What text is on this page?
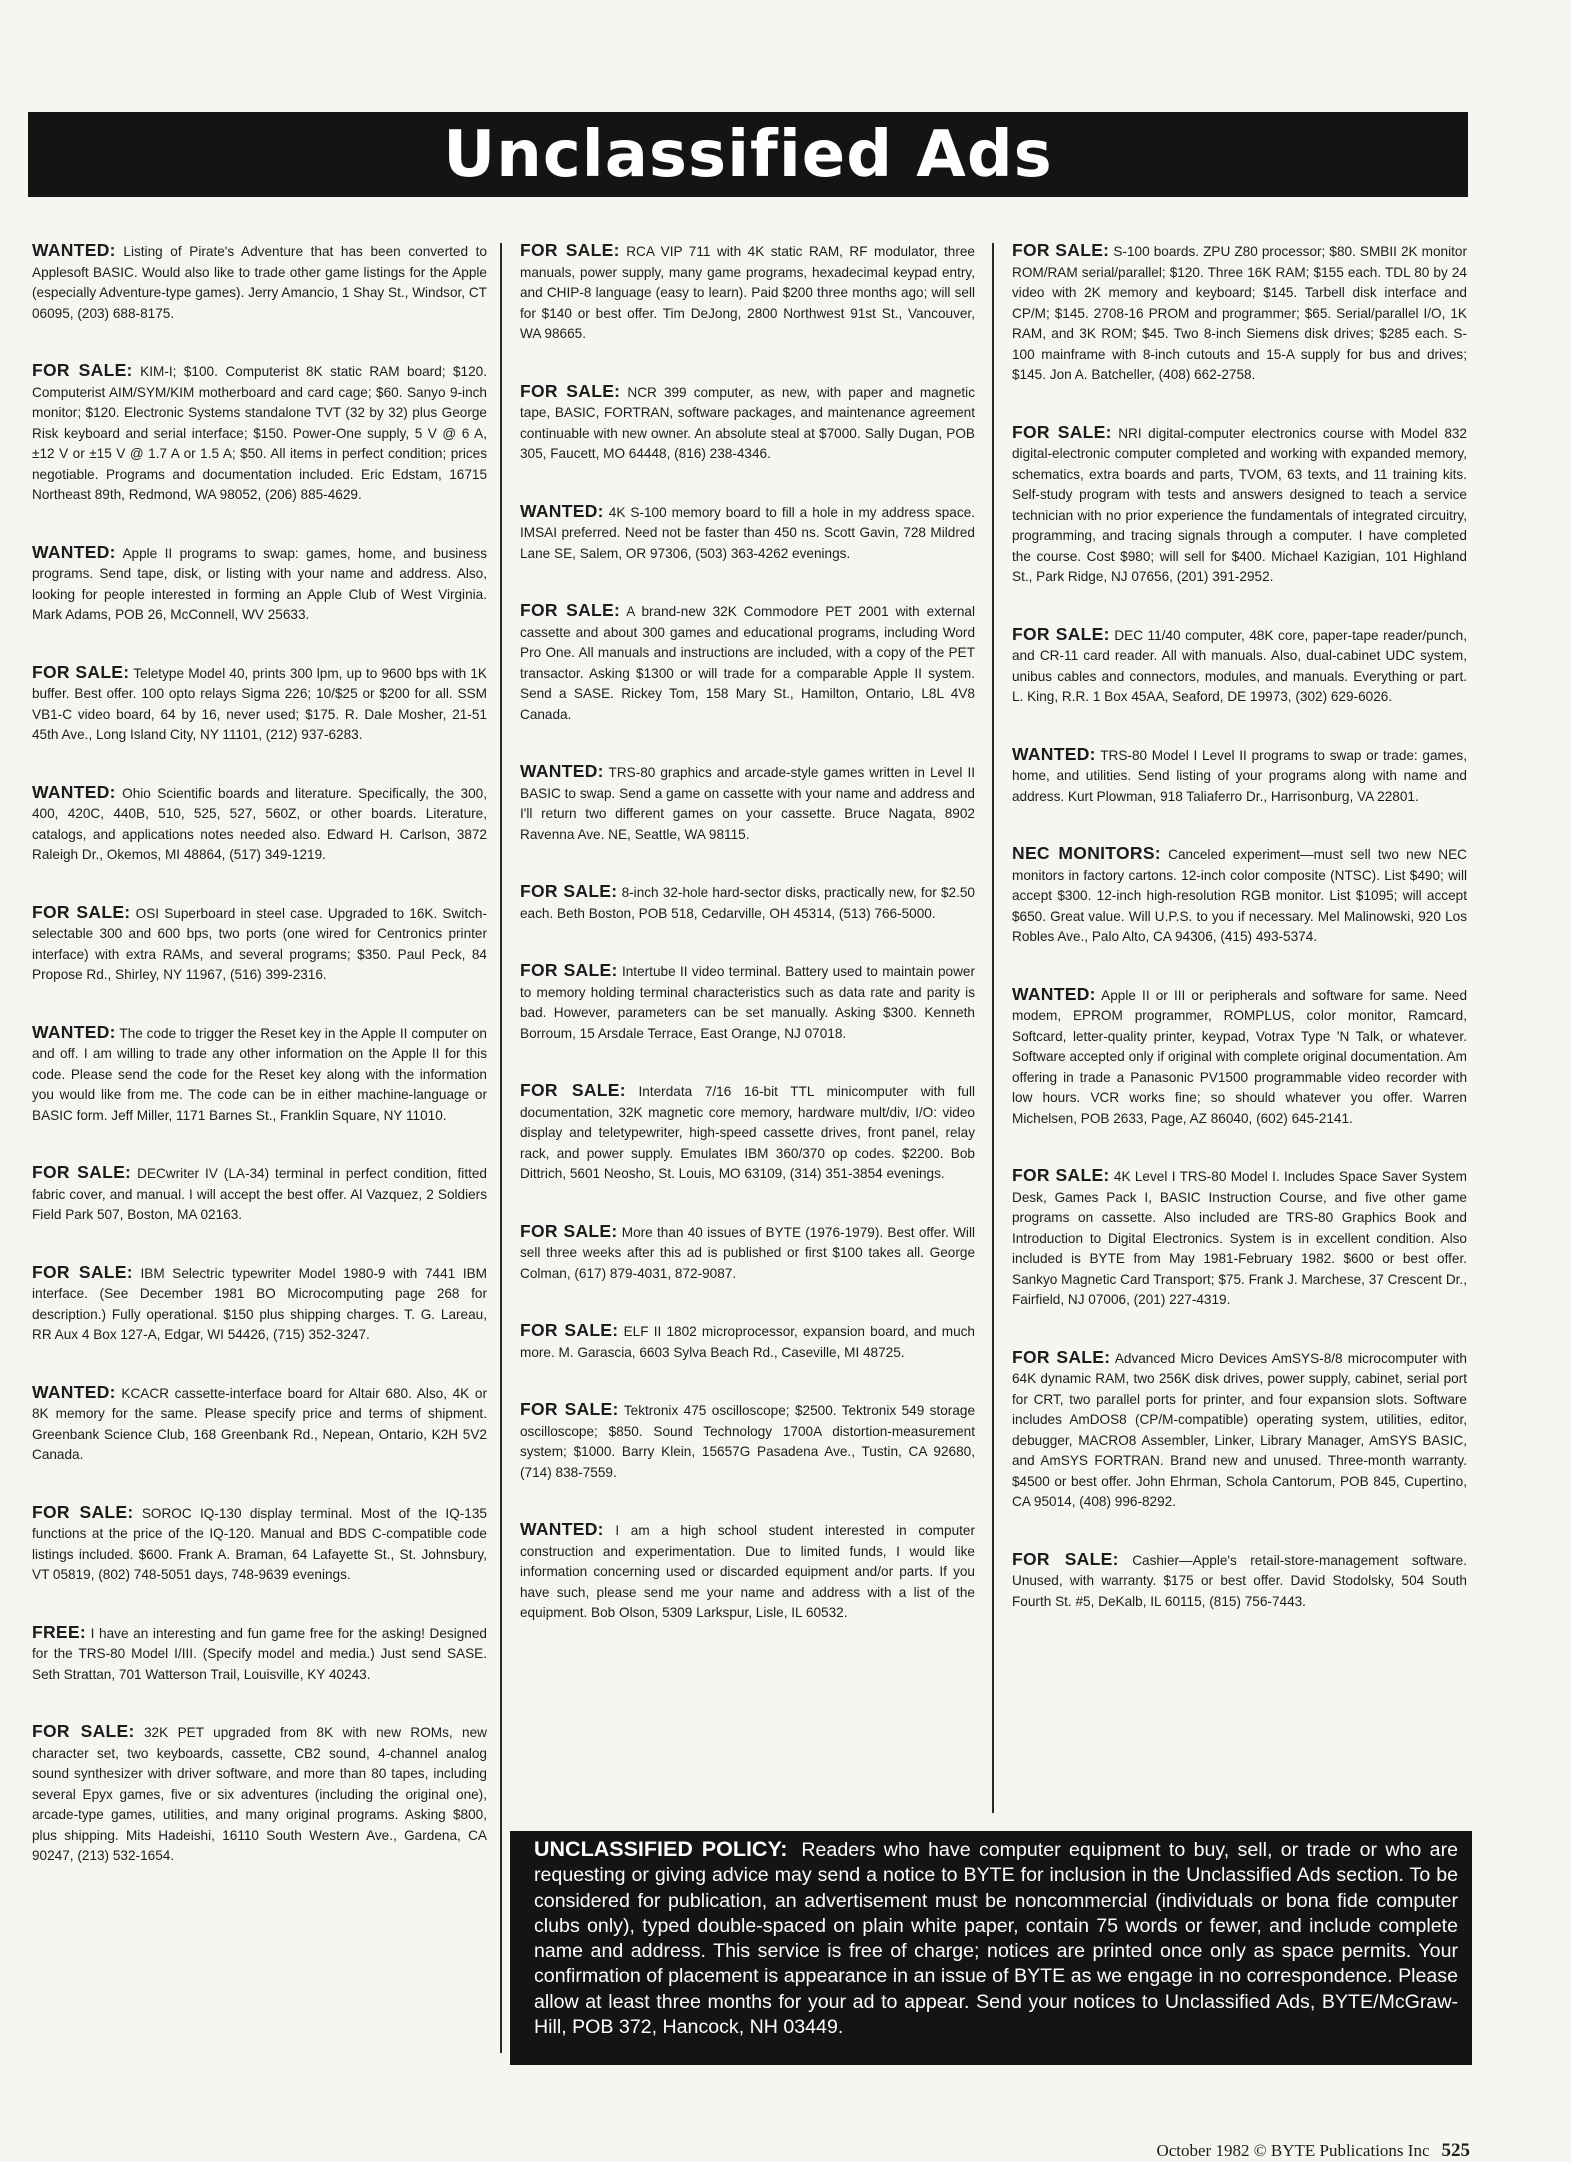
Unclassified Ads

WANTED: Listing of Pirate's Adventure that has been converted to Applesoft BASIC. Would also like to trade other game listings for the Apple (especially Adventure-type games). Jerry Amancio, 1 Shay St., Windsor, CT 06095, (203) 688-8175.

FOR SALE: KIM-I; $100. Computerist 8K static RAM board; $120. Computerist AIM/SYM/KIM motherboard and card cage; $60. Sanyo 9-inch monitor; $120. Electronic Systems standalone TVT (32 by 32) plus George Risk keyboard and serial interface; $150. Power-One supply, 5 V @ 6 A, ±12 V or ±15 V @ 1.7 A or 1.5 A; $50. All items in perfect condition; prices negotiable. Programs and documentation included. Eric Edstam, 16715 Northeast 89th, Redmond, WA 98052, (206) 885-4629.

WANTED: Apple II programs to swap: games, home, and business programs. Send tape, disk, or listing with your name and address. Also, looking for people interested in forming an Apple Club of West Virginia. Mark Adams, POB 26, McConnell, WV 25633.

FOR SALE: Teletype Model 40, prints 300 lpm, up to 9600 bps with 1K buffer. Best offer. 100 opto relays Sigma 226; 10/$25 or $200 for all. SSM VB1-C video board, 64 by 16, never used; $175. R. Dale Mosher, 21-51 45th Ave., Long Island City, NY 11101, (212) 937-6283.

WANTED: Ohio Scientific boards and literature. Specifically, the 300, 400, 420C, 440B, 510, 525, 527, 560Z, or other boards. Literature, catalogs, and applications notes needed also. Edward H. Carlson, 3872 Raleigh Dr., Okemos, MI 48864, (517) 349-1219.

FOR SALE: OSI Superboard in steel case. Upgraded to 16K. Switch-selectable 300 and 600 bps, two ports (one wired for Centronics printer interface) with extra RAMs, and several programs; $350. Paul Peck, 84 Propose Rd., Shirley, NY 11967, (516) 399-2316.

WANTED: The code to trigger the Reset key in the Apple II computer on and off. I am willing to trade any other information on the Apple II for this code. Please send the code for the Reset key along with the information you would like from me. The code can be in either machine-language or BASIC form. Jeff Miller, 1171 Barnes St., Franklin Square, NY 11010.

FOR SALE: DECwriter IV (LA-34) terminal in perfect condition, fitted fabric cover, and manual. I will accept the best offer. Al Vazquez, 2 Soldiers Field Park 507, Boston, MA 02163.

FOR SALE: IBM Selectric typewriter Model 1980-9 with 7441 IBM interface. (See December 1981 BO Microcomputing page 268 for description.) Fully operational. $150 plus shipping charges. T. G. Lareau, RR Aux 4 Box 127-A, Edgar, WI 54426, (715) 352-3247.

WANTED: KCACR cassette-interface board for Altair 680. Also, 4K or 8K memory for the same. Please specify price and terms of shipment. Greenbank Science Club, 168 Greenbank Rd., Nepean, Ontario, K2H 5V2 Canada.

FOR SALE: SOROC IQ-130 display terminal. Most of the IQ-135 functions at the price of the IQ-120. Manual and BDS C-compatible code listings included. $600. Frank A. Braman, 64 Lafayette St., St. Johnsbury, VT 05819, (802) 748-5051 days, 748-9639 evenings.

FREE: I have an interesting and fun game free for the asking! Designed for the TRS-80 Model I/III. (Specify model and media.) Just send SASE. Seth Strattan, 701 Watterson Trail, Louisville, KY 40243.

FOR SALE: 32K PET upgraded from 8K with new ROMs, new character set, two keyboards, cassette, CB2 sound, 4-channel analog sound synthesizer with driver software, and more than 80 tapes, including several Epyx games, five or six adventures (including the original one), arcade-type games, utilities, and many original programs. Asking $800, plus shipping. Mits Hadeishi, 16110 South Western Ave., Gardena, CA 90247, (213) 532-1654.

FOR SALE: RCA VIP 711 with 4K static RAM, RF modulator, three manuals, power supply, many game programs, hexadecimal keypad entry, and CHIP-8 language (easy to learn). Paid $200 three months ago; will sell for $140 or best offer. Tim DeJong, 2800 Northwest 91st St., Vancouver, WA 98665.

FOR SALE: NCR 399 computer, as new, with paper and magnetic tape, BASIC, FORTRAN, software packages, and maintenance agreement continuable with new owner. An absolute steal at $7000. Sally Dugan, POB 305, Faucett, MO 64448, (816) 238-4346.

WANTED: 4K S-100 memory board to fill a hole in my address space. IMSAI preferred. Need not be faster than 450 ns. Scott Gavin, 728 Mildred Lane SE, Salem, OR 97306, (503) 363-4262 evenings.

FOR SALE: A brand-new 32K Commodore PET 2001 with external cassette and about 300 games and educational programs, including Word Pro One. All manuals and instructions are included, with a copy of the PET transactor. Asking $1300 or will trade for a comparable Apple II system. Send a SASE. Rickey Tom, 158 Mary St., Hamilton, Ontario, L8L 4V8 Canada.

WANTED: TRS-80 graphics and arcade-style games written in Level II BASIC to swap. Send a game on cassette with your name and address and I'll return two different games on your cassette. Bruce Nagata, 8902 Ravenna Ave. NE, Seattle, WA 98115.

FOR SALE: 8-inch 32-hole hard-sector disks, practically new, for $2.50 each. Beth Boston, POB 518, Cedarville, OH 45314, (513) 766-5000.

FOR SALE: Intertube II video terminal. Battery used to maintain power to memory holding terminal characteristics such as data rate and parity is bad. However, parameters can be set manually. Asking $300. Kenneth Borroum, 15 Arsdale Terrace, East Orange, NJ 07018.

FOR SALE: Interdata 7/16 16-bit TTL minicomputer with full documentation, 32K magnetic core memory, hardware mult/div, I/O: video display and teletypewriter, high-speed cassette drives, front panel, relay rack, and power supply. Emulates IBM 360/370 op codes. $2200. Bob Dittrich, 5601 Neosho, St. Louis, MO 63109, (314) 351-3854 evenings.

FOR SALE: More than 40 issues of BYTE (1976-1979). Best offer. Will sell three weeks after this ad is published or first $100 takes all. George Colman, (617) 879-4031, 872-9087.

FOR SALE: ELF II 1802 microprocessor, expansion board, and much more. M. Garascia, 6603 Sylva Beach Rd., Caseville, MI 48725.

FOR SALE: Tektronix 475 oscilloscope; $2500. Tektronix 549 storage oscilloscope; $850. Sound Technology 1700A distortion-measurement system; $1000. Barry Klein, 15657G Pasadena Ave., Tustin, CA 92680, (714) 838-7559.

WANTED: I am a high school student interested in computer construction and experimentation. Due to limited funds, I would like information concerning used or discarded equipment and/or parts. If you have such, please send me your name and address with a list of the equipment. Bob Olson, 5309 Larkspur, Lisle, IL 60532.

FOR SALE: S-100 boards. ZPU Z80 processor; $80. SMBII 2K monitor ROM/RAM serial/parallel; $120. Three 16K RAM; $155 each. TDL 80 by 24 video with 2K memory and keyboard; $145. Tarbell disk interface and CP/M; $145. 2708-16 PROM and programmer; $65. Serial/parallel I/O, 1K RAM, and 3K ROM; $45. Two 8-inch Siemens disk drives; $285 each. S-100 mainframe with 8-inch cutouts and 15-A supply for bus and drives; $145. Jon A. Batcheller, (408) 662-2758.

FOR SALE: NRI digital-computer electronics course with Model 832 digital-electronic computer completed and working with expanded memory, schematics, extra boards and parts, TVOM, 63 texts, and 11 training kits. Self-study program with tests and answers designed to teach a service technician with no prior experience the fundamentals of integrated circuitry, programming, and tracing signals through a computer. I have completed the course. Cost $980; will sell for $400. Michael Kazigian, 101 Highland St., Park Ridge, NJ 07656, (201) 391-2952.

FOR SALE: DEC 11/40 computer, 48K core, paper-tape reader/punch, and CR-11 card reader. All with manuals. Also, dual-cabinet UDC system, unibus cables and connectors, modules, and manuals. Everything or part. L. King, R.R. 1 Box 45AA, Seaford, DE 19973, (302) 629-6026.

WANTED: TRS-80 Model I Level II programs to swap or trade: games, home, and utilities. Send listing of your programs along with name and address. Kurt Plowman, 918 Taliaferro Dr., Harrisonburg, VA 22801.

NEC MONITORS: Canceled experiment—must sell two new NEC monitors in factory cartons. 12-inch color composite (NTSC). List $490; will accept $300. 12-inch high-resolution RGB monitor. List $1095; will accept $650. Great value. Will U.P.S. to you if necessary. Mel Malinowski, 920 Los Robles Ave., Palo Alto, CA 94306, (415) 493-5374.

WANTED: Apple II or III or peripherals and software for same. Need modem, EPROM programmer, ROMPLUS, color monitor, Ramcard, Softcard, letter-quality printer, keypad, Votrax Type 'N Talk, or whatever. Software accepted only if original with complete original documentation. Am offering in trade a Panasonic PV1500 programmable video recorder with low hours. VCR works fine; so should whatever you offer. Warren Michelsen, POB 2633, Page, AZ 86040, (602) 645-2141.

FOR SALE: 4K Level I TRS-80 Model I. Includes Space Saver System Desk, Games Pack I, BASIC Instruction Course, and five other game programs on cassette. Also included are TRS-80 Graphics Book and Introduction to Digital Electronics. System is in excellent condition. Also included is BYTE from May 1981-February 1982. $600 or best offer. Sankyo Magnetic Card Transport; $75. Frank J. Marchese, 37 Crescent Dr., Fairfield, NJ 07006, (201) 227-4319.

FOR SALE: Advanced Micro Devices AmSYS-8/8 microcomputer with 64K dynamic RAM, two 256K disk drives, power supply, cabinet, serial port for CRT, two parallel ports for printer, and four expansion slots. Software includes AmDOS8 (CP/M-compatible) operating system, utilities, editor, debugger, MACRO8 Assembler, Linker, Library Manager, AmSYS BASIC, and AmSYS FORTRAN. Brand new and unused. Three-month warranty. $4500 or best offer. John Ehrman, Schola Cantorum, POB 845, Cupertino, CA 95014, (408) 996-8292.

FOR SALE: Cashier—Apple's retail-store-management software. Unused, with warranty. $175 or best offer. David Stodolsky, 504 South Fourth St. #5, DeKalb, IL 60115, (815) 756-7443.

UNCLASSIFIED POLICY: Readers who have computer equipment to buy, sell, or trade or who are requesting or giving advice may send a notice to BYTE for inclusion in the Unclassified Ads section. To be considered for publication, an advertisement must be noncommercial (individuals or bona fide computer clubs only), typed double-spaced on plain white paper, contain 75 words or fewer, and include complete name and address. This service is free of charge; notices are printed once only as space permits. Your confirmation of placement is appearance in an issue of BYTE as we engage in no correspondence. Please allow at least three months for your ad to appear. Send your notices to Unclassified Ads, BYTE/McGraw-Hill, POB 372, Hancock, NH 03449.
October 1982 © BYTE Publications Inc 525
